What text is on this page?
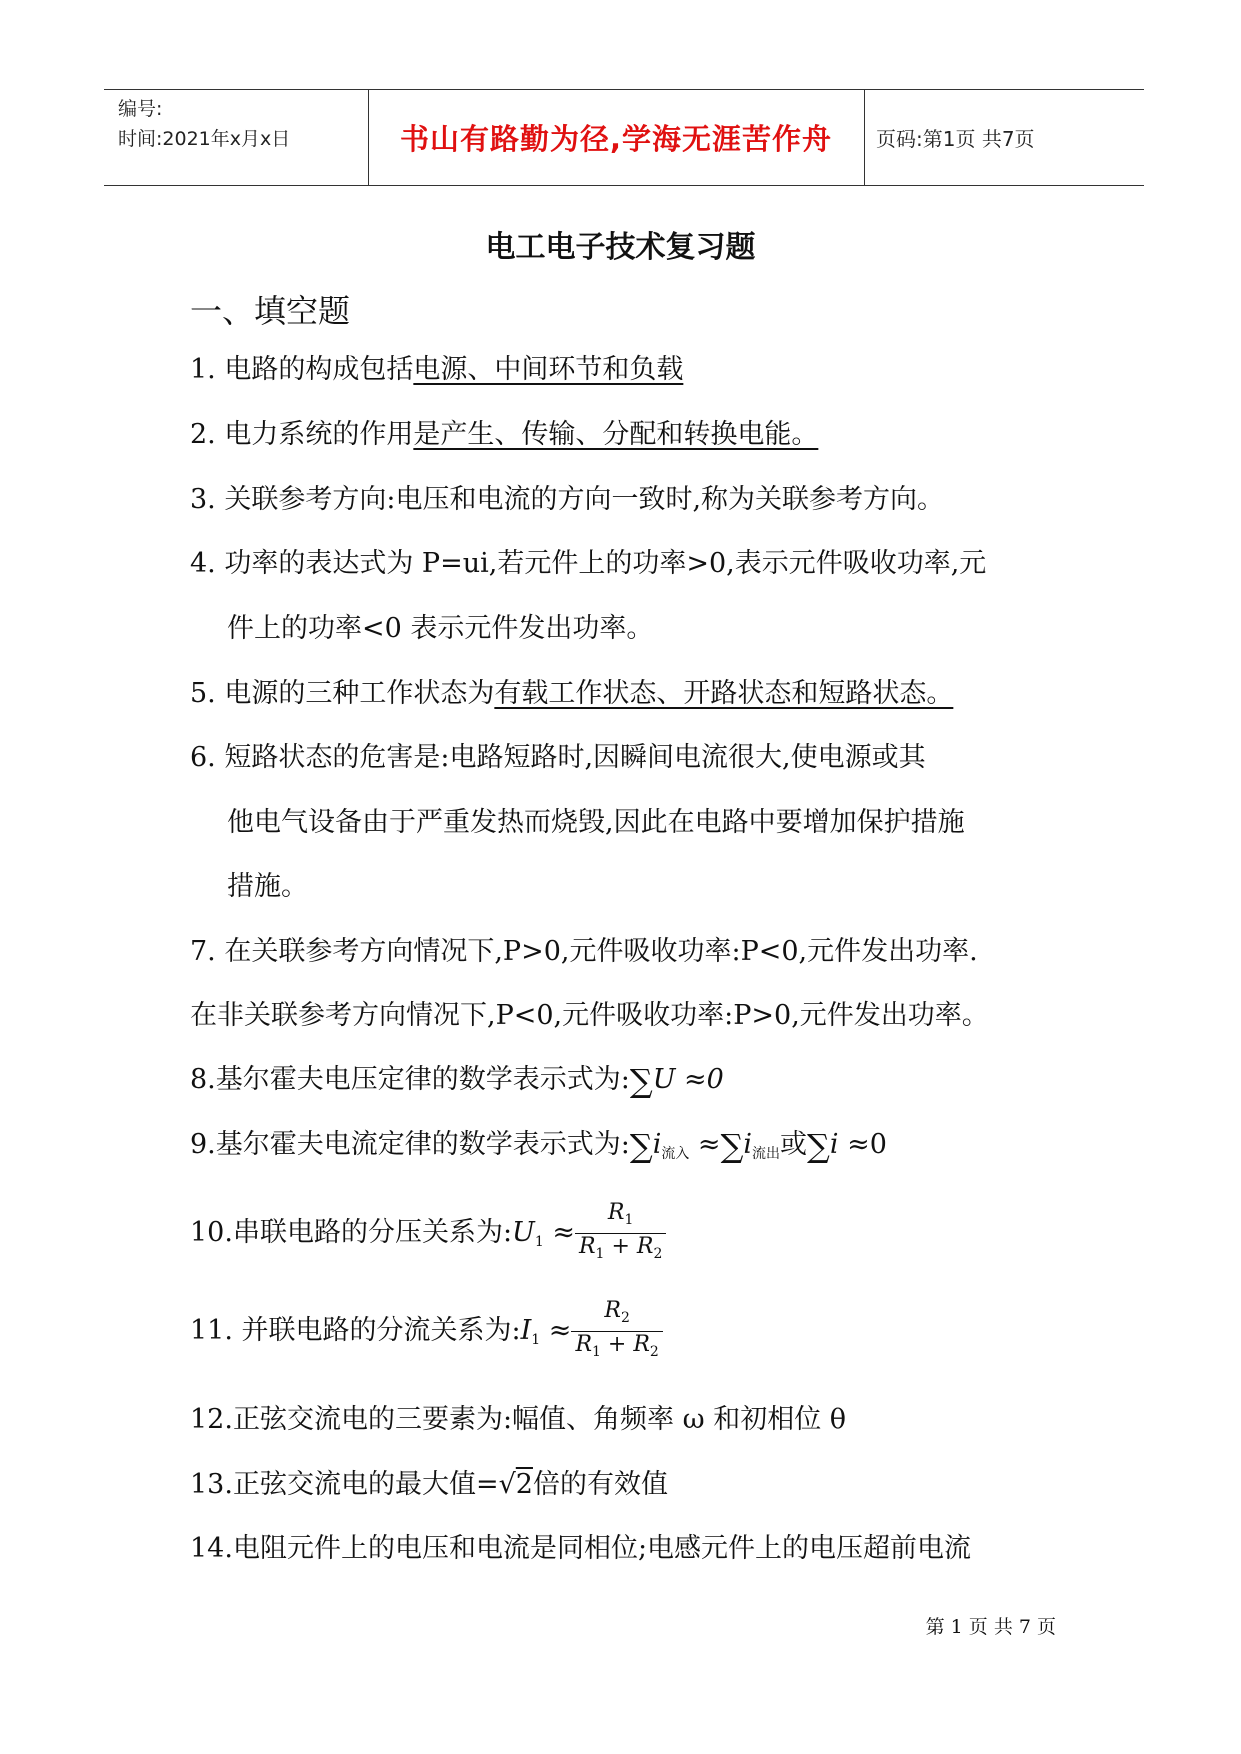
编号:
时间:2021年x月x日	书山有路勤为径,学海无涯苦作舟	页码:第1页 共7页
电工电子技术复习题
一、填空题
1. 电路的构成包括电源、中间环节和负载
2. 电力系统的作用是产生、传输、分配和转换电能。
3. 关联参考方向:电压和电流的方向一致时,称为关联参考方向。
4. 功率的表达式为 P=ui,若元件上的功率>0,表示元件吸收功率,元
件上的功率<0 表示元件发出功率。
5. 电源的三种工作状态为有载工作状态、开路状态和短路状态。
6. 短路状态的危害是:电路短路时,因瞬间电流很大,使电源或其
他电气设备由于严重发热而烧毁,因此在电路中要增加保护措施
措施。
7. 在关联参考方向情况下,P>0,元件吸收功率:P<0,元件发出功率.
在非关联参考方向情况下,P<0,元件吸收功率:P>0,元件发出功率。
8.基尔霍夫电压定律的数学表示式为:∑U ≈0
9.基尔霍夫电流定律的数学表示式为$:\sum i_{流入} \approx\sum i_{流出}$或∑i ≈0
10.串联电路的分压关系为$:U_1 \approx \frac{R_1}{R_1 + R_2}$
11. 并联电路的分流关系为$:I_1 \approx \frac{R_2}{R_1 + R_2}$
12.正弦交流电的三要素为:幅值、角频率 ω 和初相位 θ
13.正弦交流电的最大值=√2倍的有效值
14.电阻元件上的电压和电流是同相位;电感元件上的电压超前电流
第 1 页 共 7 页
